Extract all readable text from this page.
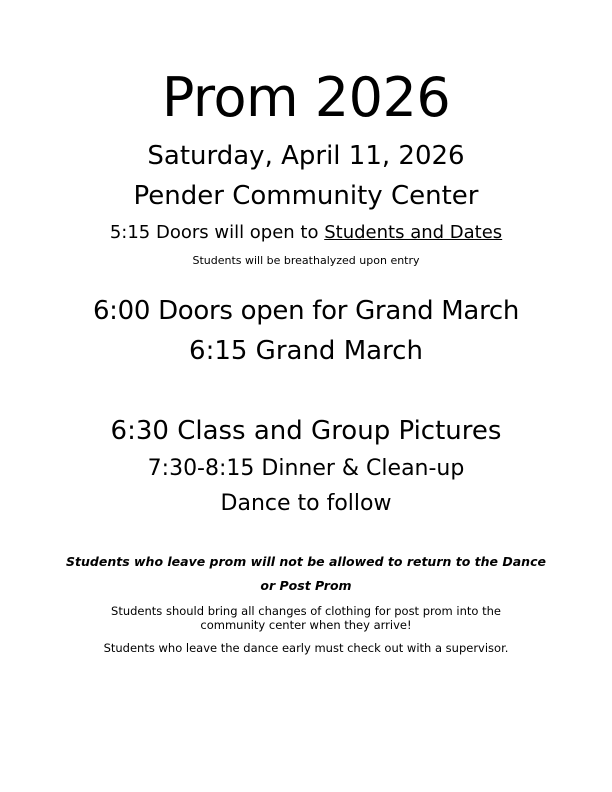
Prom 2026

Saturday, April 11, 2026

Pender Community Center

5:15 Doors will open to Students and Dates

Students will be breathalyzed upon entry

6:00 Doors open for Grand March

6:15 Grand March

6:30 Class and Group Pictures

7:30-8:15 Dinner & Clean-up

Dance to follow

Students who leave prom will not be allowed to return to the Dance

or Post Prom

Students should bring all changes of clothing for post prom into the

community center when they arrive!

Students who leave the dance early must check out with a supervisor.
